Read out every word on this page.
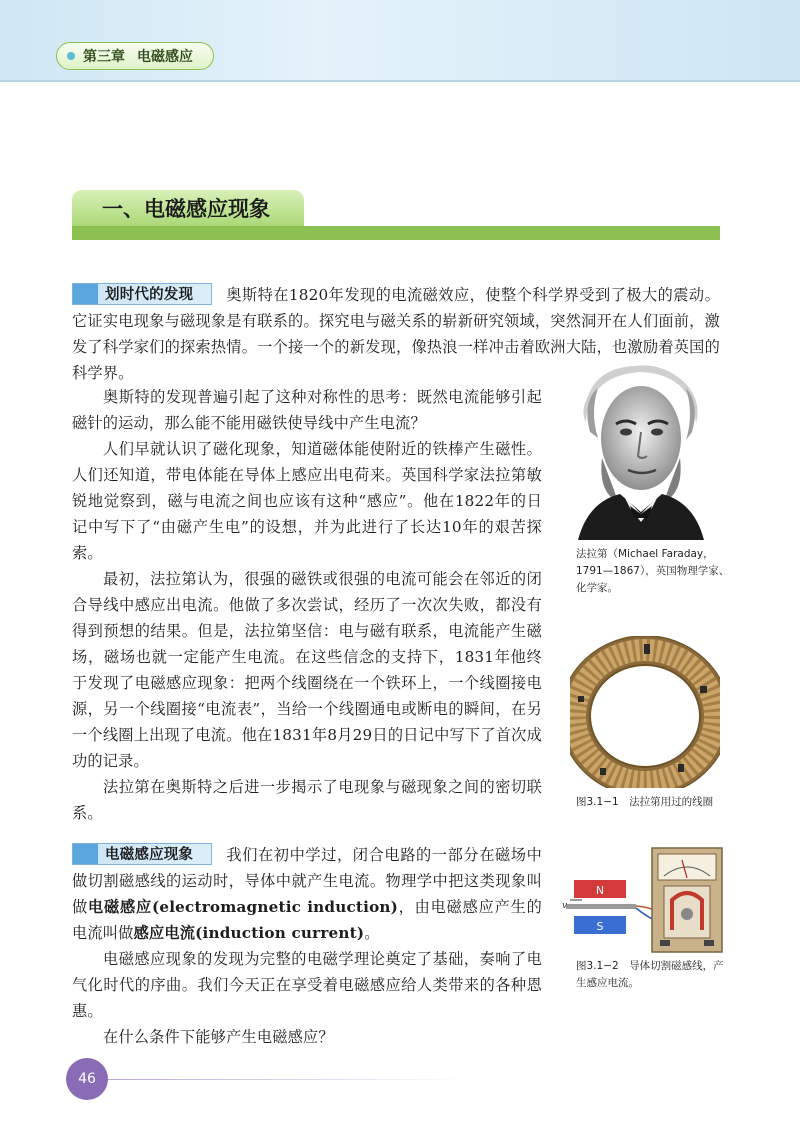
第三章 电磁感应
一、电磁感应现象

划时代的发现 奥斯特在1820年发现的电流磁效应，使整个科学界受到了极大的震动。它证实电现象与磁现象是有联系的。探究电与磁关系的崭新研究领域，突然洞开在人们面前，激发了科学家们的探索热情。一个接一个的新发现，像热浪一样冲击着欧洲大陆，也激励着英国的科学界。

奥斯特的发现普遍引起了这种对称性的思考：既然电流能够引起磁针的运动，那么能不能用磁铁使导线中产生电流？

人们早就认识了磁化现象，知道磁体能使附近的铁棒产生磁性。人们还知道，带电体能在导体上感应出电荷来。英国科学家法拉第敏锐地觉察到，磁与电流之间也应该有这种“感应”。他在1822年的日记中写下了“由磁产生电”的设想，并为此进行了长达10年的艰苦探索。

最初，法拉第认为，很强的磁铁或很强的电流可能会在邻近的闭合导线中感应出电流。他做了多次尝试，经历了一次次失败，都没有得到预想的结果。但是，法拉第坚信：电与磁有联系，电流能产生磁场，磁场也就一定能产生电流。在这些信念的支持下，1831年他终于发现了电磁感应现象：把两个线圈绕在一个铁环上，一个线圈接电源，另一个线圈接“电流表”，当给一个线圈通电或断电的瞬间，在另一个线圈上出现了电流。他在1831年8月29日的日记中写下了首次成功的记录。

法拉第在奥斯特之后进一步揭示了电现象与磁现象之间的密切联系。

电磁感应现象 我们在初中学过，闭合电路的一部分在磁场中做切割磁感线的运动时，导体中就产生电流。物理学中把这类现象叫做电磁感应(electromagnetic induction)，由电磁感应产生的电流叫做感应电流(induction current)。

电磁感应现象的发现为完整的电磁学理论奠定了基础，奏响了电气化时代的序曲。我们今天正在享受着电磁感应给人类带来的各种恩惠。

在什么条件下能够产生电磁感应？

法拉第（Michael Faraday，1791—1867），英国物理学家、化学家。

图3.1−1　法拉第用过的线圈

N
S
v

图3.1−2　导体切割磁感线，产生感应电流。

46
